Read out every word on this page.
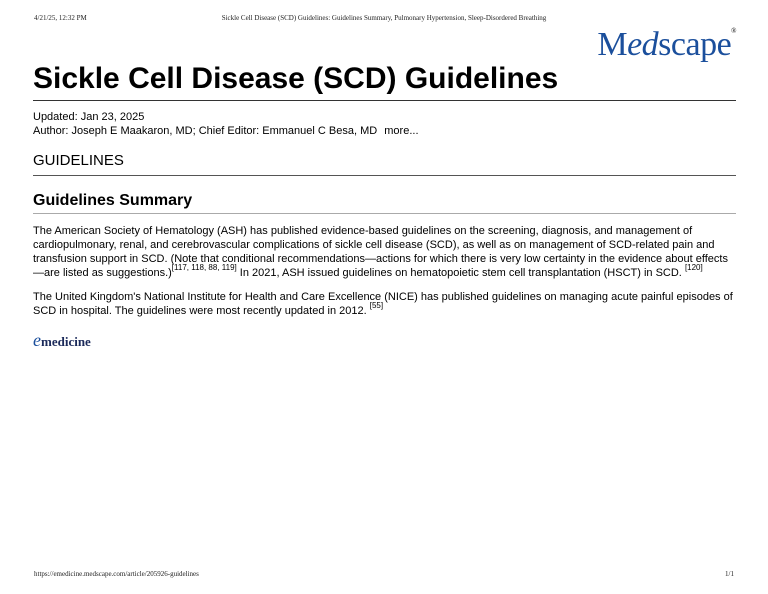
4/21/25, 12:32 PM	Sickle Cell Disease (SCD) Guidelines: Guidelines Summary, Pulmonary Hypertension, Sleep-Disordered Breathing
Medscape®
Sickle Cell Disease (SCD) Guidelines
Updated: Jan 23, 2025
Author: Joseph E Maakaron, MD; Chief Editor: Emmanuel C Besa, MD more...
GUIDELINES
Guidelines Summary

The American Society of Hematology (ASH) has published evidence-based guidelines on the screening, diagnosis, and management of cardiopulmonary, renal, and cerebrovascular complications of sickle cell disease (SCD), as well as on management of SCD-related pain and transfusion support in SCD. (Note that conditional recommendations—actions for which there is very low certainty in the evidence about effects—are listed as suggestions.)[117, 118, 88, 119] In 2021, ASH issued guidelines on hematopoietic stem cell transplantation (HSCT) in SCD. [120]

The United Kingdom's National Institute for Health and Care Excellence (NICE) has published guidelines on managing acute painful episodes of SCD in hospital. The guidelines were most recently updated in 2012. [55]

emedicine
https://emedicine.medscape.com/article/205926-guidelines	1/1
